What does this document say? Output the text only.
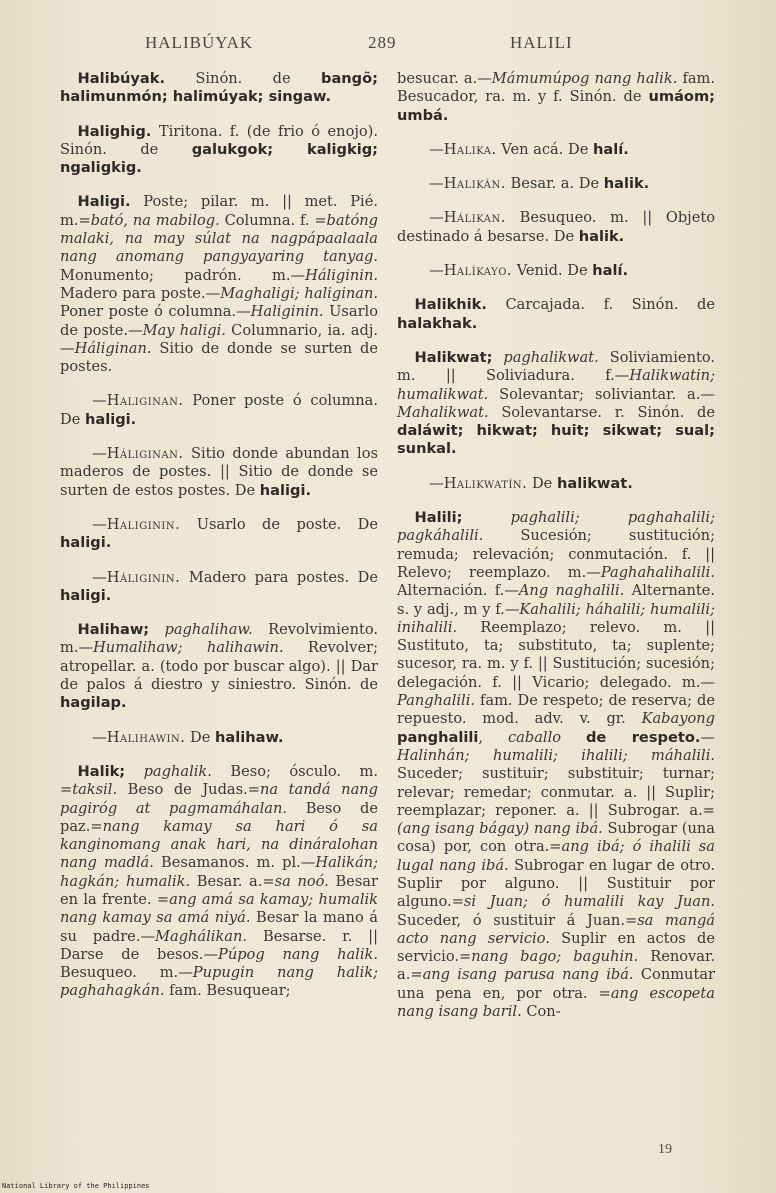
HALIBÚYAK	289	HALILI

Halibúyak. Sinón. de bangõ; halimunmón; halimúyak; singaw.

Halighig. Tiritona. f. (de frio ó enojo). Sinón. de galukgok; kaligkig; ngaligkig.

Haligi. Poste; pilar. m. || met. Pié. m.=bató, na mabilog. Columna. f. =batóng malaki, na may súlat na nagpápaalaala nang anomang pangyayaring tanyag. Monumento; padrón. m.—Háliginin. Madero para poste.—Maghaligi; haliginan. Poner poste ó columna.—Haliginin. Usarlo de poste.—May haligi. Columnario, ia. adj.—Háliginan. Sitio de donde se surten de postes.

—Haliginan. Poner poste ó columna. De haligi.

—Háliginan. Sitio donde abundan los maderos de postes. || Sitio de donde se surten de estos postes. De haligi.

—Haliginin. Usarlo de poste. De haligi.

—Háliginin. Madero para postes. De haligi.

Halihaw; paghalihaw. Revolvimiento. m.—Humalihaw; halihawin. Revolver; atropellar. a. (todo por buscar algo). || Dar de palos á diestro y siniestro. Sinón. de hagilap.

—Halihawin. De halihaw.

Halik; paghalik. Beso; ósculo. m. =taksil. Beso de Judas.=na tandá nang pagiróg at pagmamáhalan. Beso de paz.=nang kamay sa hari ó sa kanginomang anak hari, na dináralohan nang madlá. Besamanos. m. pl.—Halikán; hagkán; humalik. Besar. a.=sa noó. Besar en la frente. =ang amá sa kamay; humalik nang kamay sa amá niyá. Besar la mano á su padre.—Maghálikan. Besarse. r. || Darse de besos.—Púpog nang halik. Besuqueo. m.—Pupugin nang halik; paghahagkán. fam. Besuquear;

besucar. a.—Mámumúpog nang halik. fam. Besucador, ra. m. y f. Sinón. de umáom; umbá.

—Halika. Ven acá. De halí.

—Halikán. Besar. a. De halik.

—Hálikan. Besuqueo. m. || Objeto destinado á besarse. De halik.

—Halíkayo. Venid. De halí.

Halikhik. Carcajada. f. Sinón. de halakhak.

Halikwat; paghalikwat. Soliviamiento. m. || Soliviadura. f.—Halikwatin; humalikwat. Solevantar; soliviantar. a.—Mahalikwat. Solevantarse. r. Sinón. de daláwit; hikwat; huit; sikwat; sual; sunkal.

—Halikwatín. De halikwat.

Halili;	paghalili; paghahalili; pagkáhalili. Sucesión; sustitución; remuda; relevación; conmutación. f. || Relevo; reemplazo. m.—Paghahalihalili. Alternación. f.—Ang naghalili. Alternante. s. y adj., m y f.—Kahalili; háhalili; humalili; inihalili. Reemplazo; relevo. m. || Sustituto, ta; substituto, ta; suplente; sucesor, ra. m. y f. || Sustitución; sucesión; delegación. f. || Vicario; delegado. m.—Panghalili. fam. De respeto; de reserva; de repuesto. mod. adv. v. gr. Kabayong panghalili, caballo de respeto.—Halinhán; humalili; ihalili; máhalili. Suceder; sustituir; substituir; turnar; relevar; remedar; conmutar. a. || Suplir; reemplazar; reponer. a. || Subrogar. a.=(ang isang bágay) nang ibá. Subrogar (una cosa) por, con otra.=ang ibá; ó ihalili sa lugal nang ibá. Subrogar en lugar de otro. Suplir por alguno. || Sustituir por alguno.=si Juan; ó humalili kay Juan. Suceder, ó sustituir á Juan.=sa mangá acto nang servicio. Suplir en actos de servicio.=nang bago; baguhin. Renovar. a.=ang isang parusa nang ibá. Conmutar una pena en, por otra. =ang escopeta nang isang baril. Con-

19
National Library of the Philippines
